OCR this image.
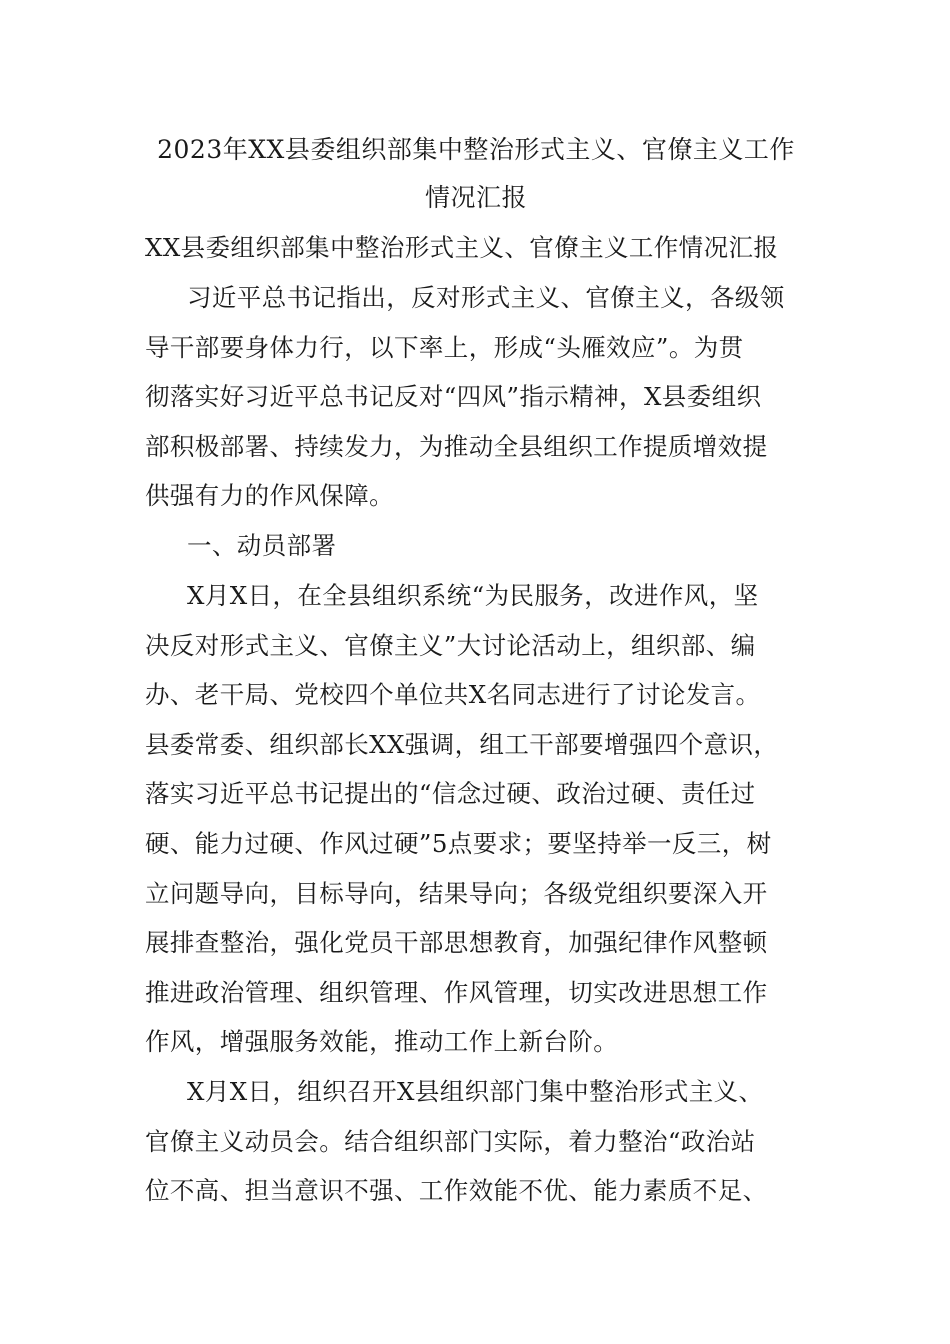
2023年XX县委组织部集中整治形式主义、官僚主义工作
情况汇报
XX县委组织部集中整治形式主义、官僚主义工作情况汇报
习近平总书记指出，反对形式主义、官僚主义，各级领
导干部要身体力行，以下率上，形成“头雁效应”。为贯
彻落实好习近平总书记反对“四风”指示精神，X县委组织
部积极部署、持续发力，为推动全县组织工作提质增效提
供强有力的作风保障。
一、动员部署
X月X日，在全县组织系统“为民服务，改进作风，坚
决反对形式主义、官僚主义”大讨论活动上，组织部、编
办、老干局、党校四个单位共X名同志进行了讨论发言。
县委常委、组织部长XX强调，组工干部要增强四个意识，
落实习近平总书记提出的“信念过硬、政治过硬、责任过
硬、能力过硬、作风过硬”5点要求；要坚持举一反三，树
立问题导向，目标导向，结果导向；各级党组织要深入开
展排查整治，强化党员干部思想教育，加强纪律作风整顿
推进政治管理、组织管理、作风管理，切实改进思想工作
作风，增强服务效能，推动工作上新台阶。
X月X日，组织召开X县组织部门集中整治形式主义、
官僚主义动员会。结合组织部门实际，着力整治“政治站
位不高、担当意识不强、工作效能不优、能力素质不足、
